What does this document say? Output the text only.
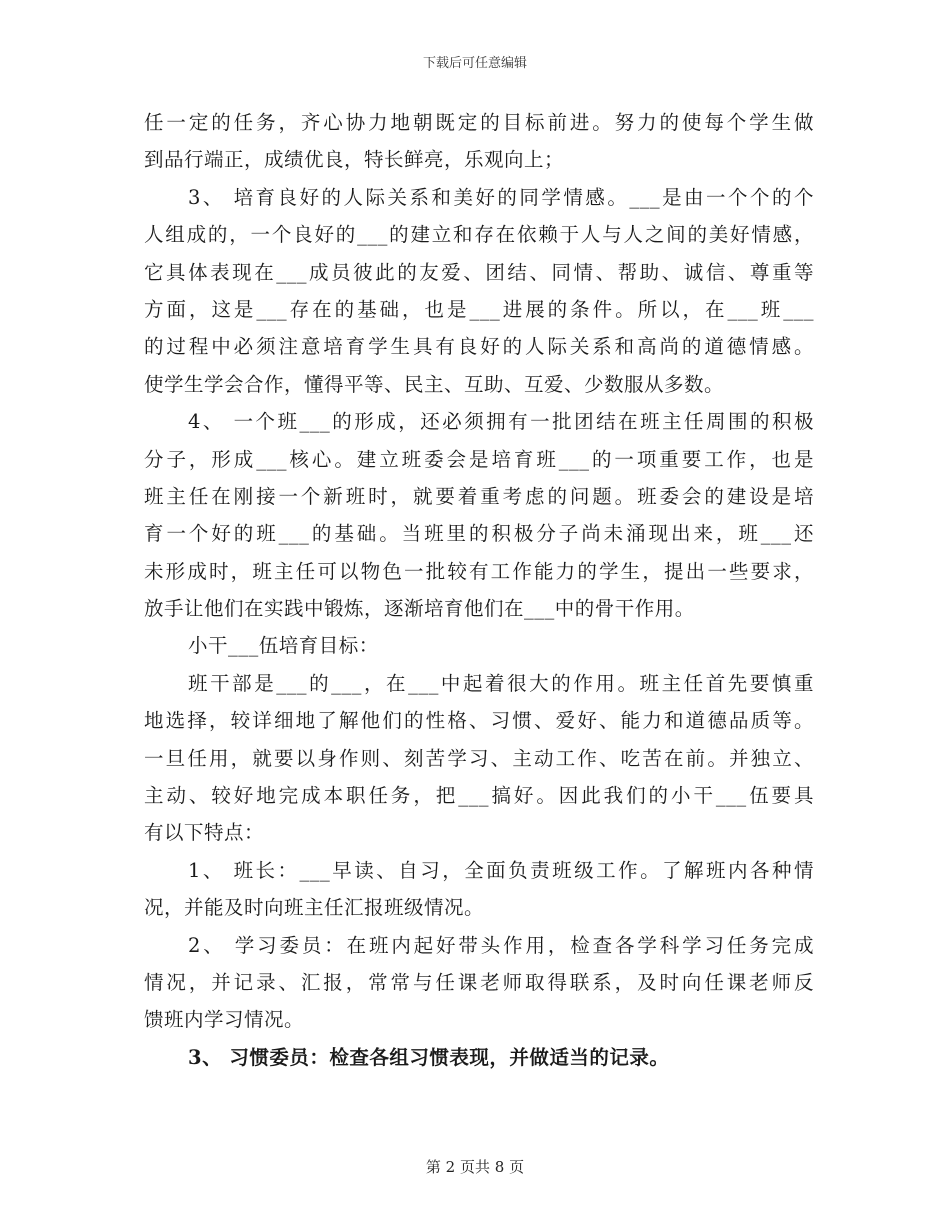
下载后可任意编辑
任一定的任务，齐心协力地朝既定的目标前进。努力的使每个学生做
到品行端正，成绩优良，特长鲜亮，乐观向上；
3、 培育良好的人际关系和美好的同学情感。___是由一个个的个
人组成的，一个良好的___的建立和存在依赖于人与人之间的美好情感，
它具体表现在___成员彼此的友爱、团结、同情、帮助、诚信、尊重等
方面，这是___存在的基础，也是___进展的条件。所以，在___班___
的过程中必须注意培育学生具有良好的人际关系和高尚的道德情感。
使学生学会合作，懂得平等、民主、互助、互爱、少数服从多数。
4、 一个班___的形成，还必须拥有一批团结在班主任周围的积极
分子，形成___核心。建立班委会是培育班___的一项重要工作，也是
班主任在刚接一个新班时，就要着重考虑的问题。班委会的建设是培
育一个好的班___的基础。当班里的积极分子尚未涌现出来，班___还
未形成时，班主任可以物色一批较有工作能力的学生，提出一些要求，
放手让他们在实践中锻炼，逐渐培育他们在___中的骨干作用。
小干___伍培育目标：
班干部是___的___，在___中起着很大的作用。班主任首先要慎重
地选择，较详细地了解他们的性格、习惯、爱好、能力和道德品质等。
一旦任用，就要以身作则、刻苦学习、主动工作、吃苦在前。并独立、
主动、较好地完成本职任务，把___搞好。因此我们的小干___伍要具
有以下特点：
1、 班长：___早读、自习，全面负责班级工作。了解班内各种情
况，并能及时向班主任汇报班级情况。
2、 学习委员：在班内起好带头作用，检查各学科学习任务完成
情况，并记录、汇报，常常与任课老师取得联系，及时向任课老师反
馈班内学习情况。
3、 习惯委员：检查各组习惯表现，并做适当的记录。
第 2 页共 8 页
